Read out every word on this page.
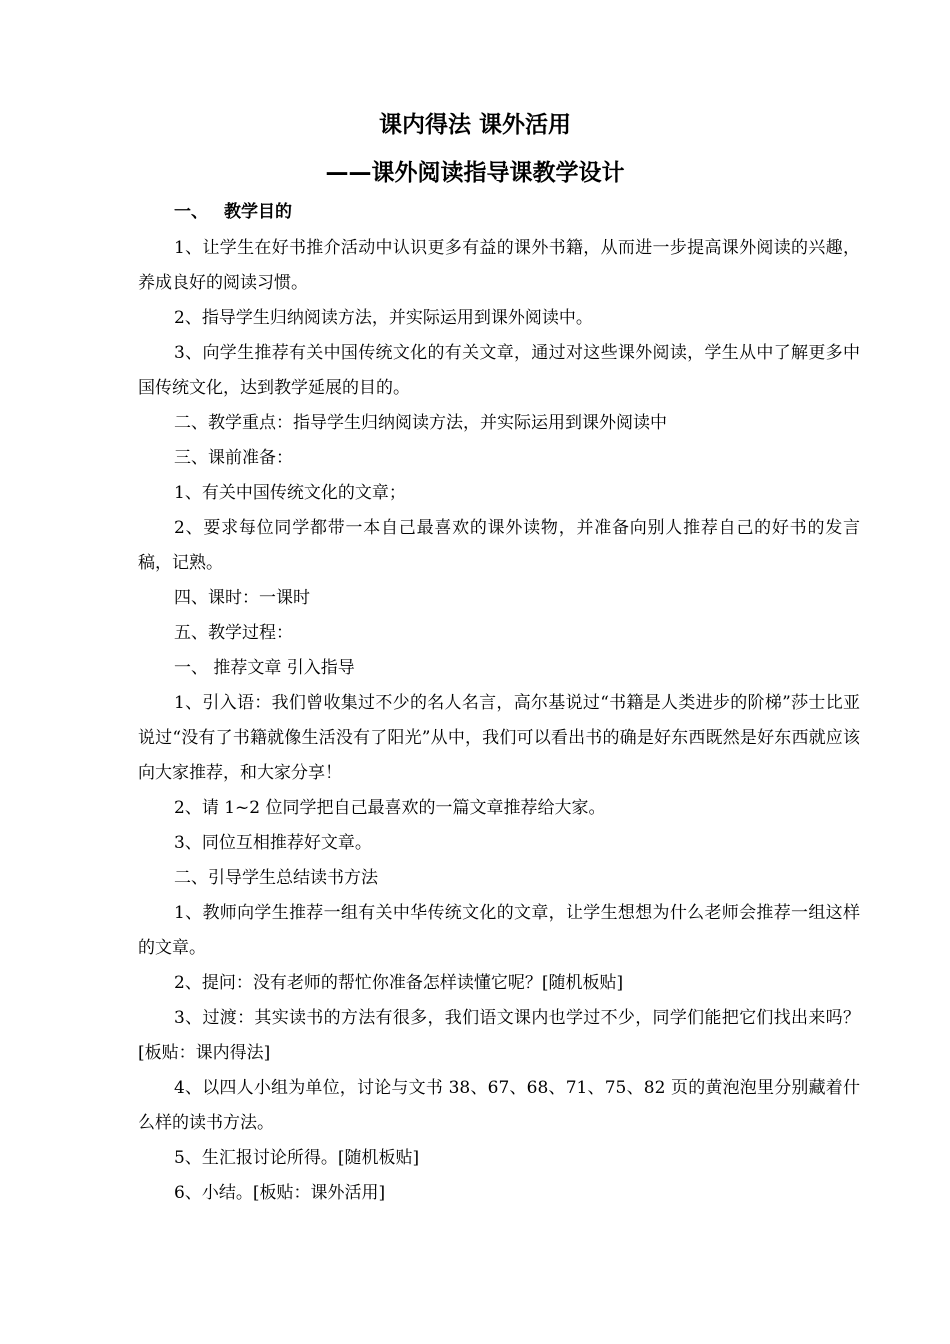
课内得法 课外活用
——课外阅读指导课教学设计
一、 教学目的

1、让学生在好书推介活动中认识更多有益的课外书籍，从而进一步提高课外阅读的兴趣，养成良好的阅读习惯。

2、指导学生归纳阅读方法，并实际运用到课外阅读中。

3、向学生推荐有关中国传统文化的有关文章，通过对这些课外阅读，学生从中了解更多中国传统文化，达到教学延展的目的。

二、教学重点：指导学生归纳阅读方法，并实际运用到课外阅读中

三、课前准备：

1、有关中国传统文化的文章；

2、要求每位同学都带一本自己最喜欢的课外读物，并准备向别人推荐自己的好书的发言稿，记熟。

四、课时：一课时

五、教学过程：

一、 推荐文章 引入指导

1、引入语：我们曾收集过不少的名人名言，高尔基说过“书籍是人类进步的阶梯”莎士比亚说过“没有了书籍就像生活没有了阳光”从中，我们可以看出书的确是好东西既然是好东西就应该向大家推荐，和大家分享！

2、请 1~2 位同学把自己最喜欢的一篇文章推荐给大家。

3、同位互相推荐好文章。

二、引导学生总结读书方法

1、教师向学生推荐一组有关中华传统文化的文章，让学生想想为什么老师会推荐一组这样的文章。

2、提问：没有老师的帮忙你准备怎样读懂它呢？[随机板贴]

3、过渡：其实读书的方法有很多，我们语文课内也学过不少，同学们能把它们找出来吗？[板贴：课内得法]

4、以四人小组为单位，讨论与文书 38、67、68、71、75、82 页的黄泡泡里分别藏着什么样的读书方法。

5、生汇报讨论所得。[随机板贴]

6、小结。[板贴：课外活用]
